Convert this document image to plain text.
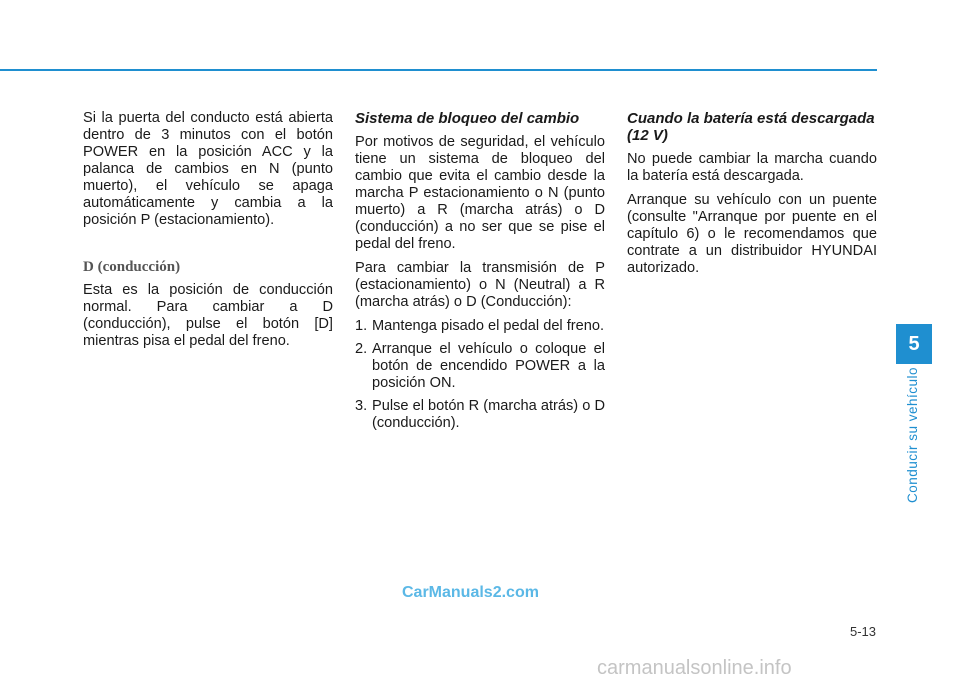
Si la puerta del conducto está abierta dentro de 3 minutos con el botón POWER en la posición ACC y la palanca de cambios en N (punto muerto), el vehículo se apaga automáticamente y cambia a la posición P (estacionamiento).

D (conducción)

Esta es la posición de conducción normal. Para cambiar a D (conducción), pulse el botón [D] mientras pisa el pedal del freno.

Sistema de bloqueo del cambio

Por motivos de seguridad, el vehículo tiene un sistema de bloqueo del cambio que evita el cambio desde la marcha P estacionamiento o N (punto muerto) a R (marcha atrás) o D (conducción) a no ser que se pise el pedal del freno.

Para cambiar la transmisión de P (estacionamiento) o N (Neutral) a R (marcha atrás) o D (Conducción):

1. Mantenga pisado el pedal del freno.
2. Arranque el vehículo o coloque el botón de encendido POWER a la posición ON.
3. Pulse el botón R (marcha atrás) o D (conducción).
Cuando la batería está descargada (12 V)

No puede cambiar la marcha cuando la batería está descargada.

Arranque su vehículo con un puente (consulte "Arranque por puente en el capítulo 6) o le recomendamos que contrate a un distribuidor HYUNDAI autorizado.

5
Conducir su vehículo
5-13
CarManuals2.com
carmanualsonline.info
